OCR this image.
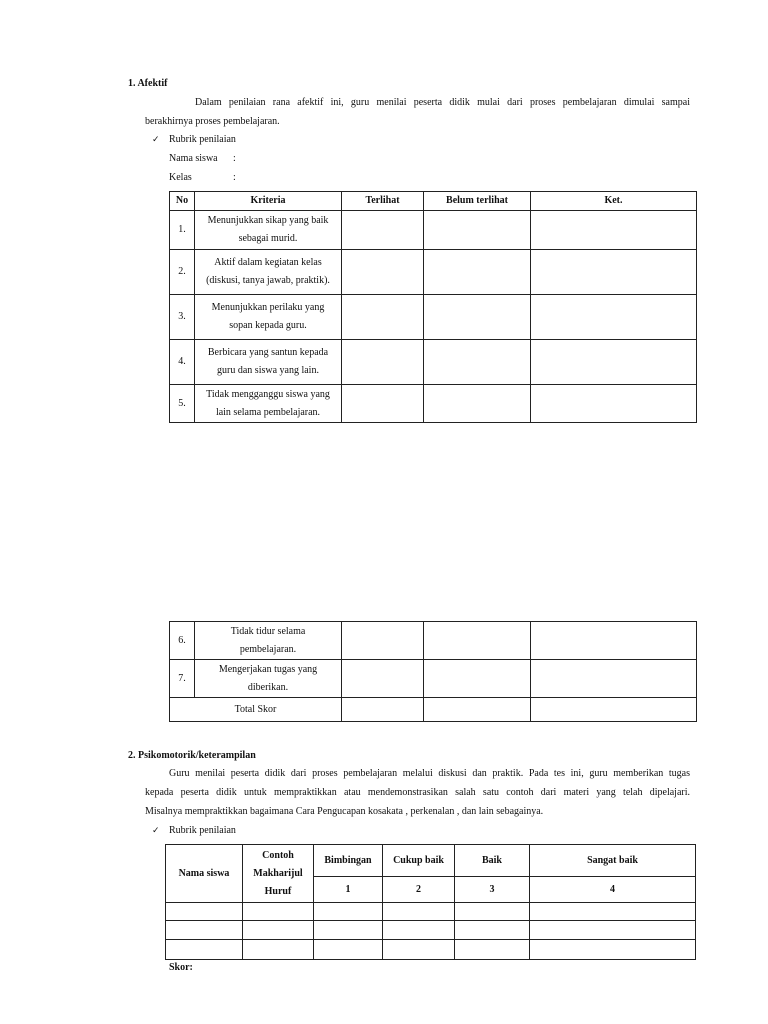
1. Afektif
Dalam penilaian rana afektif ini, guru menilai peserta didik mulai dari proses pembelajaran dimulai sampai
berakhirnya proses pembelajaran.
✓ Rubrik penilaian
Nama siswa :
Kelas	:
No	Kriteria	Terlihat	Belum terlihat	Ket.
1.	Menunjukkan sikap yang baik
sebagai murid.			

2.	Aktif dalam kegiatan kelas
(diskusi, tanya jawab, praktik).			

3.	Menunjukkan perilaku yang
sopan kepada guru.			

4.	Berbicara yang santun kepada
guru dan siswa yang lain.			

5.	Tidak mengganggu siswa yang
lain selama pembelajaran.			

6.	Tidak tidur selama
pembelajaran.			

7.	Mengerjakan tugas yang
diberikan.			

Total Skor				
2. Psikomotorik/keterampilan
Guru menilai peserta didik dari proses pembelajaran melalui diskusi dan praktik. Pada tes ini, guru memberikan tugas
kepada peserta didik untuk mempraktikkan atau mendemonstrasikan salah satu contoh dari materi yang telah dipelajari.
Misalnya mempraktikkan bagaimana Cara Pengucapan kosakata , perkenalan , dan lain sebagainya.
✓ Rubrik penilaian
Nama siswa	Contoh
Makharijul
Huruf	Bimbingan	Cukup baik	Baik	Sangat baik
		1	2	3	4

Skor:
